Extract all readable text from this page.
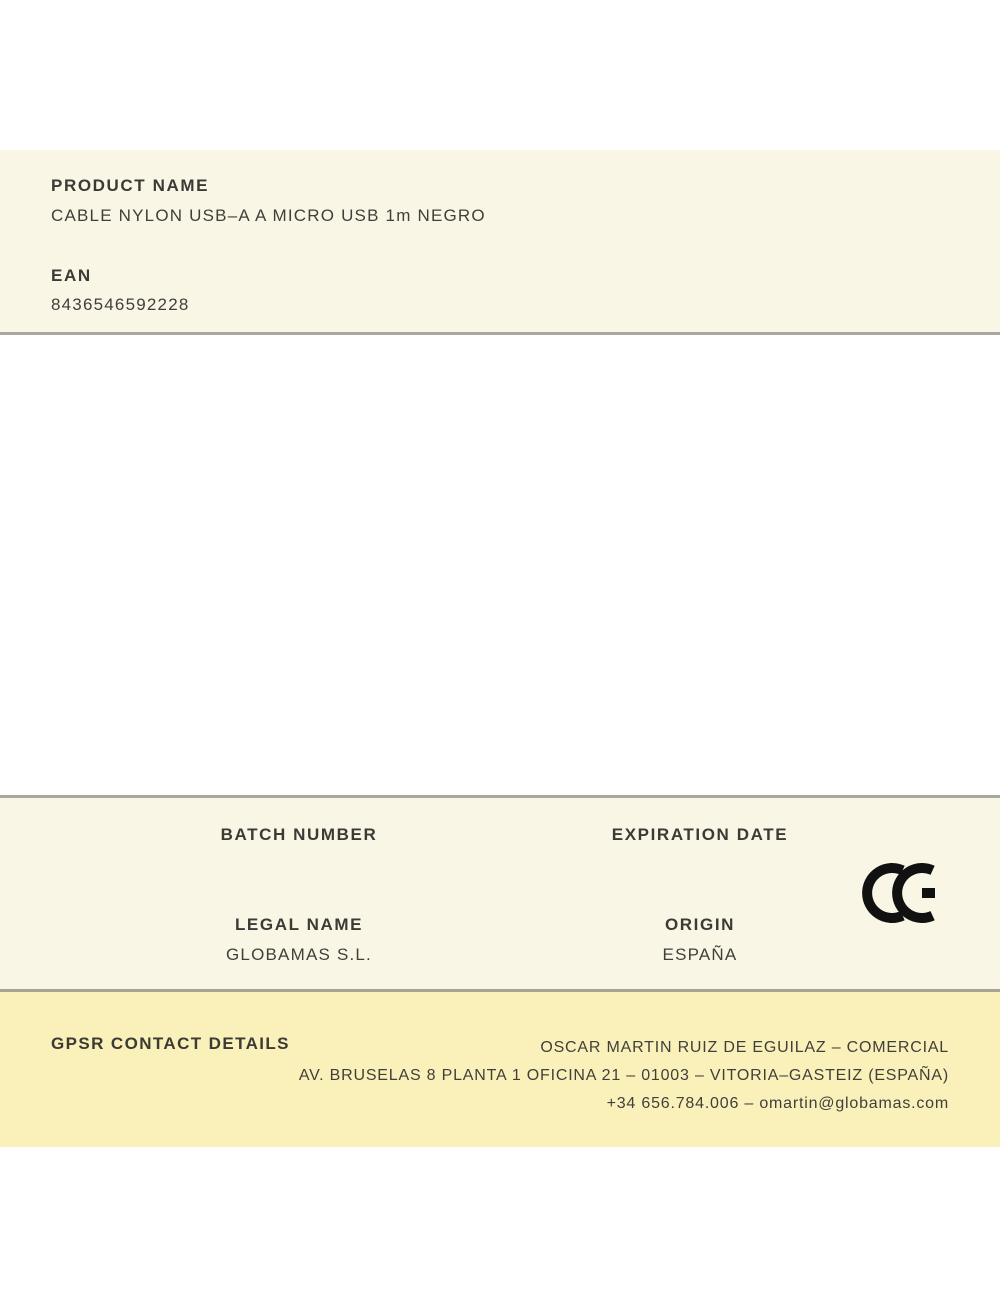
PRODUCT NAME
CABLE NYLON USB–A A MICRO USB 1m NEGRO
EAN
8436546592228
BATCH NUMBER	EXPIRATION DATE
LEGAL NAME
GLOBAMAS S.L.
ORIGIN
ESPAÑA
GPSR CONTACT DETAILS	OSCAR MARTIN RUIZ DE EGUILAZ – COMERCIAL
AV. BRUSELAS 8 PLANTA 1 OFICINA 21 – 01003 – VITORIA–GASTEIZ (ESPAÑA)
+34 656.784.006 – omartin@globamas.com
